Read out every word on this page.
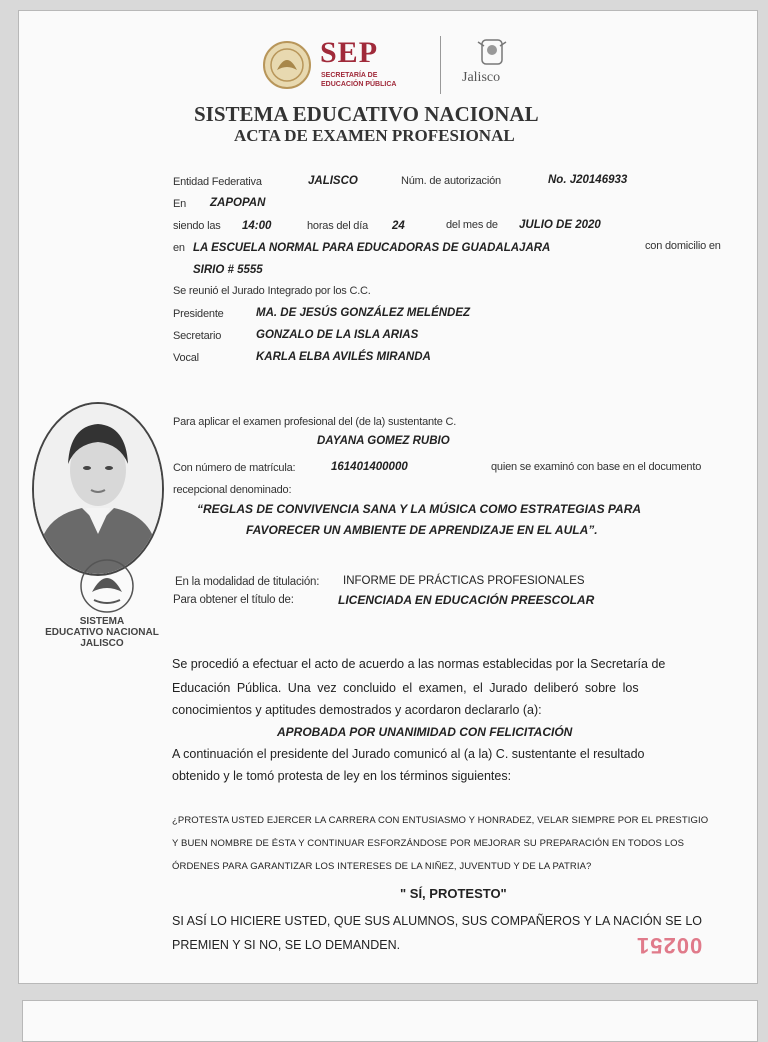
SEP
SECRETARÍA DE
EDUCACIÓN PÚBLICA	Jalisco
SISTEMA EDUCATIVO NACIONAL
ACTA DE EXAMEN PROFESIONAL
Entidad Federativa	JALISCO	Núm. de autorización	No. J20146933
En ZAPOPAN
siendo las 14:00	horas del día 24	del mes de JULIO DE 2020
en LA ESCUELA NORMAL PARA EDUCADORAS DE GUADALAJARA	con domicilio en
SIRIO # 5555
Se reunió el Jurado Integrado por los C.C.
Presidente	MA. DE JESÚS GONZÁLEZ MELÉNDEZ
Secretario	GONZALO DE LA ISLA ARIAS
Vocal	KARLA ELBA AVILÉS MIRANDA
SISTEMA
EDUCATIVO NACIONAL
JALISCO
Para aplicar el examen profesional del (de la) sustentante C.
DAYANA GOMEZ RUBIO
Con número de matrícula:	161401400000	quien se examinó con base en el documento
recepcional denominado:
“REGLAS DE CONVIVENCIA SANA Y LA MÚSICA COMO ESTRATEGIAS PARA
FAVORECER UN AMBIENTE DE APRENDIZAJE EN EL AULA”.
En la modalidad de titulación: INFORME DE PRÁCTICAS PROFESIONALES
Para obtener el título de:	LICENCIADA EN EDUCACIÓN PREESCOLAR
Se procedió a efectuar el acto de acuerdo a las normas establecidas por la Secretaría de
Educación Pública. Una vez concluido el examen, el Jurado deliberó sobre los
conocimientos y aptitudes demostrados y acordaron declararlo (a):
APROBADA POR UNANIMIDAD CON FELICITACIÓN
A continuación el presidente del Jurado comunicó al (a la) C. sustentante el resultado
obtenido y le tomó protesta de ley en los términos siguientes:
¿PROTESTA USTED EJERCER LA CARRERA CON ENTUSIASMO Y HONRADEZ, VELAR SIEMPRE POR EL PRESTIGIO
Y BUEN NOMBRE DE ÉSTA Y CONTINUAR ESFORZÁNDOSE POR MEJORAR SU PREPARACIÓN EN TODOS LOS
ÓRDENES PARA GARANTIZAR LOS INTERESES DE LA NIÑEZ, JUVENTUD Y DE LA PATRIA?
" SÍ, PROTESTO"
SI ASÍ LO HICIERE USTED, QUE SUS ALUMNOS, SUS COMPAÑEROS Y LA NACIÓN SE LO
PREMIEN Y SI NO, SE LO DEMANDEN.	00251
